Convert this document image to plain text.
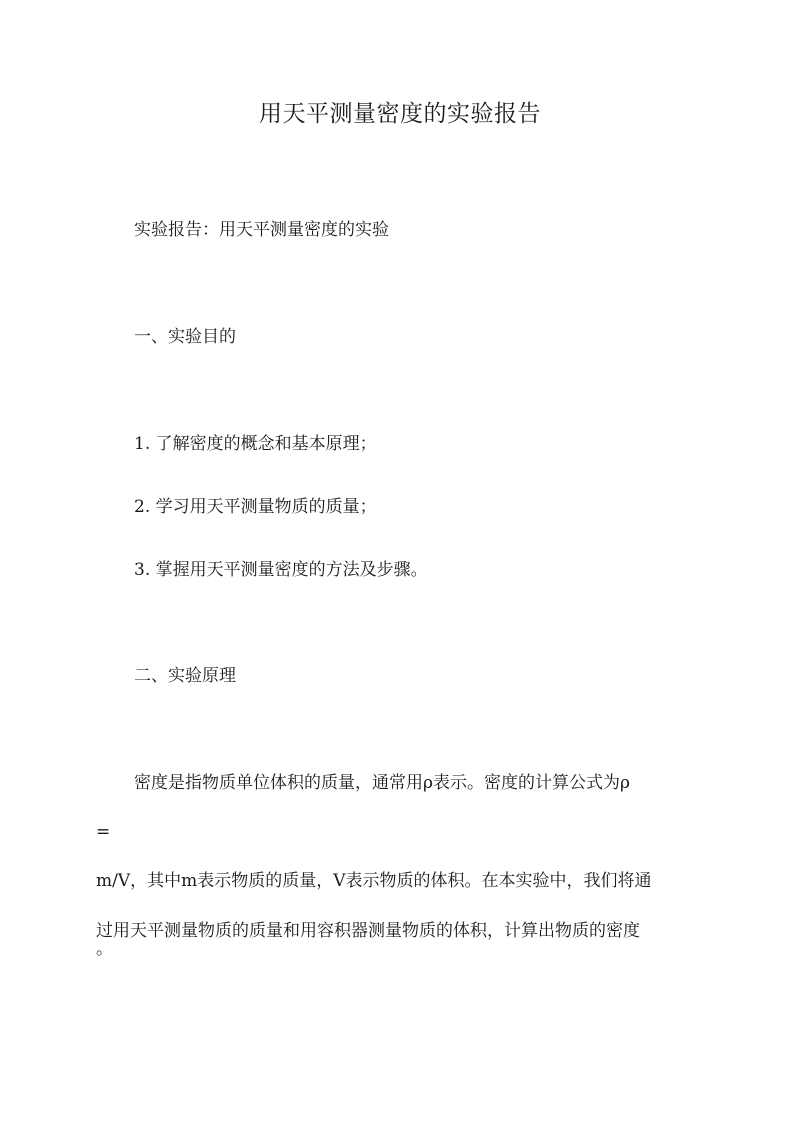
用天平测量密度的实验报告

实验报告：用天平测量密度的实验

一、实验目的

1. 了解密度的概念和基本原理；

2. 学习用天平测量物质的质量；

3. 掌握用天平测量密度的方法及步骤。

二、实验原理

密度是指物质单位体积的质量，通常用ρ表示。密度的计算公式为ρ

=

m/V，其中m表示物质的质量，V表示物质的体积。在本实验中，我们将通

过用天平测量物质的质量和用容积器测量物质的体积，计算出物质的密度

。
